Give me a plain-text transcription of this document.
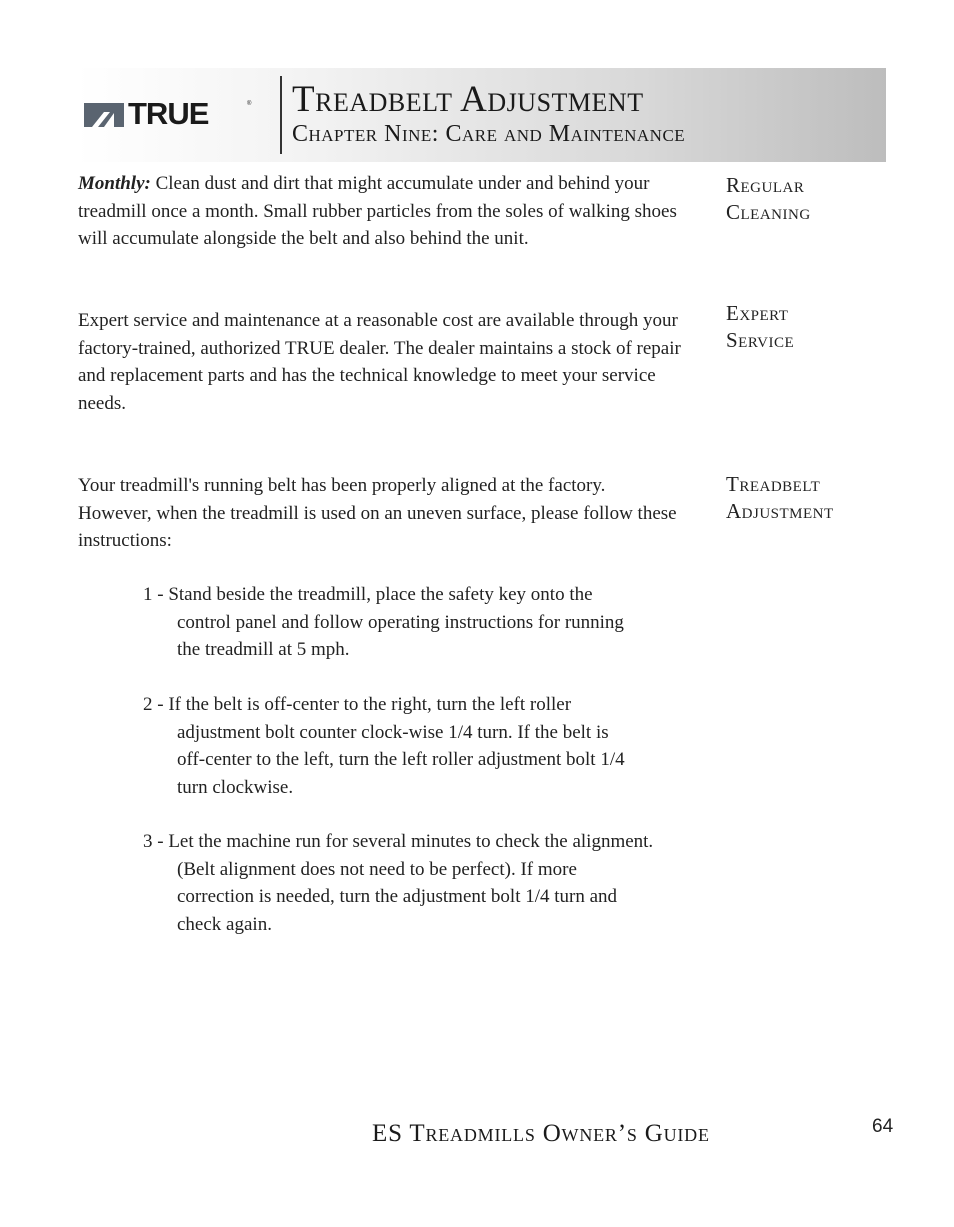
TRUE	® Treadbelt Adjustment
Chapter Nine: Care and Maintenance

Monthly: Clean dust and dirt that might accumulate under and behind your treadmill once a month. Small rubber particles from the soles of walking shoes will accumulate alongside the belt and also behind the unit.

Regular
Cleaning

Expert service and maintenance at a reasonable cost are available through your factory-trained, authorized TRUE dealer. The dealer maintains a stock of repair and replacement parts and has the technical knowledge to meet your service needs.

Expert
Service

Your treadmill's running belt has been properly aligned at the factory. However, when the treadmill is used on an uneven surface, please follow these instructions:

Treadbelt
Adjustment

1 - Stand beside the treadmill, place the safety key onto the control panel and follow operating instructions for running the treadmill at 5 mph.

2 - If the belt is off-center to the right, turn the left roller adjustment bolt counter clock-wise 1/4 turn. If the belt is off-center to the left, turn the left roller adjustment bolt 1/4 turn clockwise.

3 - Let the machine run for several minutes to check the alignment. (Belt alignment does not need to be perfect). If more correction is needed, turn the adjustment bolt 1/4 turn and check again.

ES Treadmills Owner’s Guide	64
